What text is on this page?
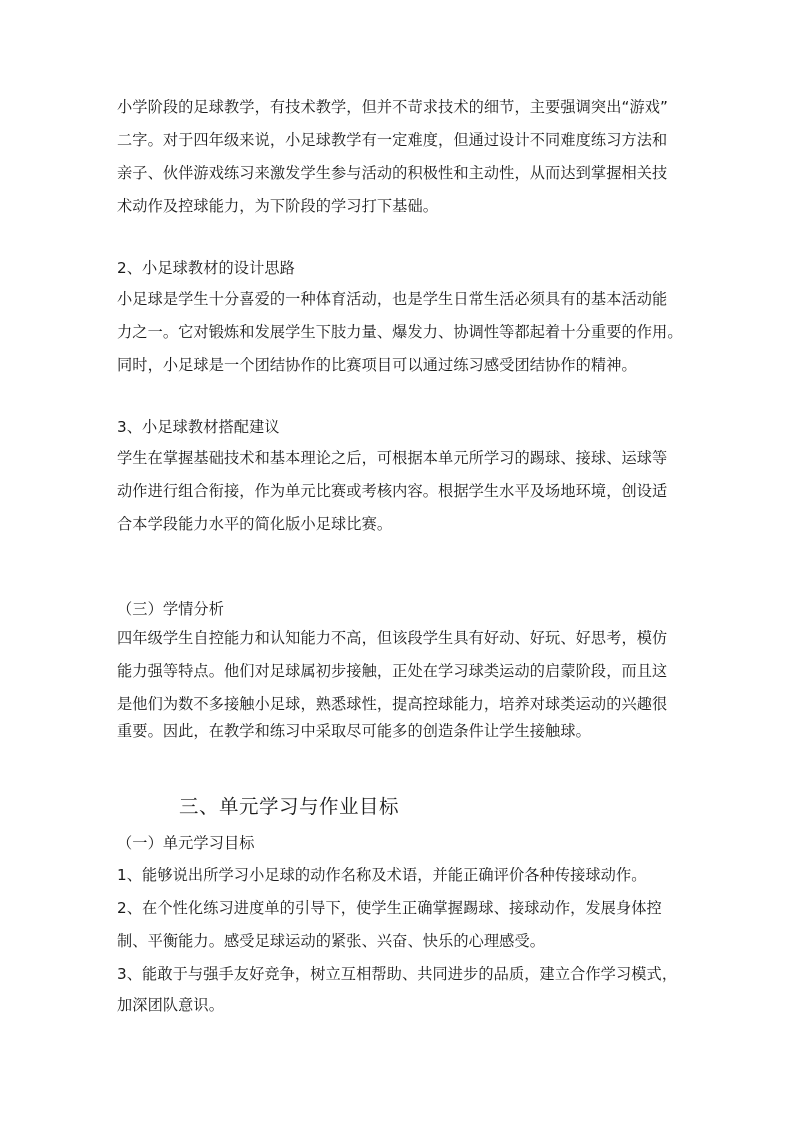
小学阶段的足球教学，有技术教学，但并不苛求技术的细节，主要强调突出“游戏”
二字。对于四年级来说，小足球教学有一定难度，但通过设计不同难度练习方法和
亲子、伙伴游戏练习来激发学生参与活动的积极性和主动性，从而达到掌握相关技
术动作及控球能力，为下阶段的学习打下基础。
2、小足球教材的设计思路
小足球是学生十分喜爱的一种体育活动，也是学生日常生活必须具有的基本活动能
力之一。它对锻炼和发展学生下肢力量、爆发力、协调性等都起着十分重要的作用。
同时，小足球是一个团结协作的比赛项目可以通过练习感受团结协作的精神。
3、小足球教材搭配建议
学生在掌握基础技术和基本理论之后，可根据本单元所学习的踢球、接球、运球等
动作进行组合衔接，作为单元比赛或考核内容。根据学生水平及场地环境，创设适
合本学段能力水平的简化版小足球比赛。
（三）学情分析
四年级学生自控能力和认知能力不高，但该段学生具有好动、好玩、好思考，模仿
能力强等特点。他们对足球属初步接触，正处在学习球类运动的启蒙阶段，而且这
是他们为数不多接触小足球，熟悉球性，提高控球能力，培养对球类运动的兴趣很
重要。因此，在教学和练习中采取尽可能多的创造条件让学生接触球。
三、单元学习与作业目标
（一）单元学习目标
1、能够说出所学习小足球的动作名称及术语，并能正确评价各种传接球动作。
2、在个性化练习进度单的引导下，使学生正确掌握踢球、接球动作，发展身体控
制、平衡能力。感受足球运动的紧张、兴奋、快乐的心理感受。
3、能敢于与强手友好竞争，树立互相帮助、共同进步的品质，建立合作学习模式，
加深团队意识。
